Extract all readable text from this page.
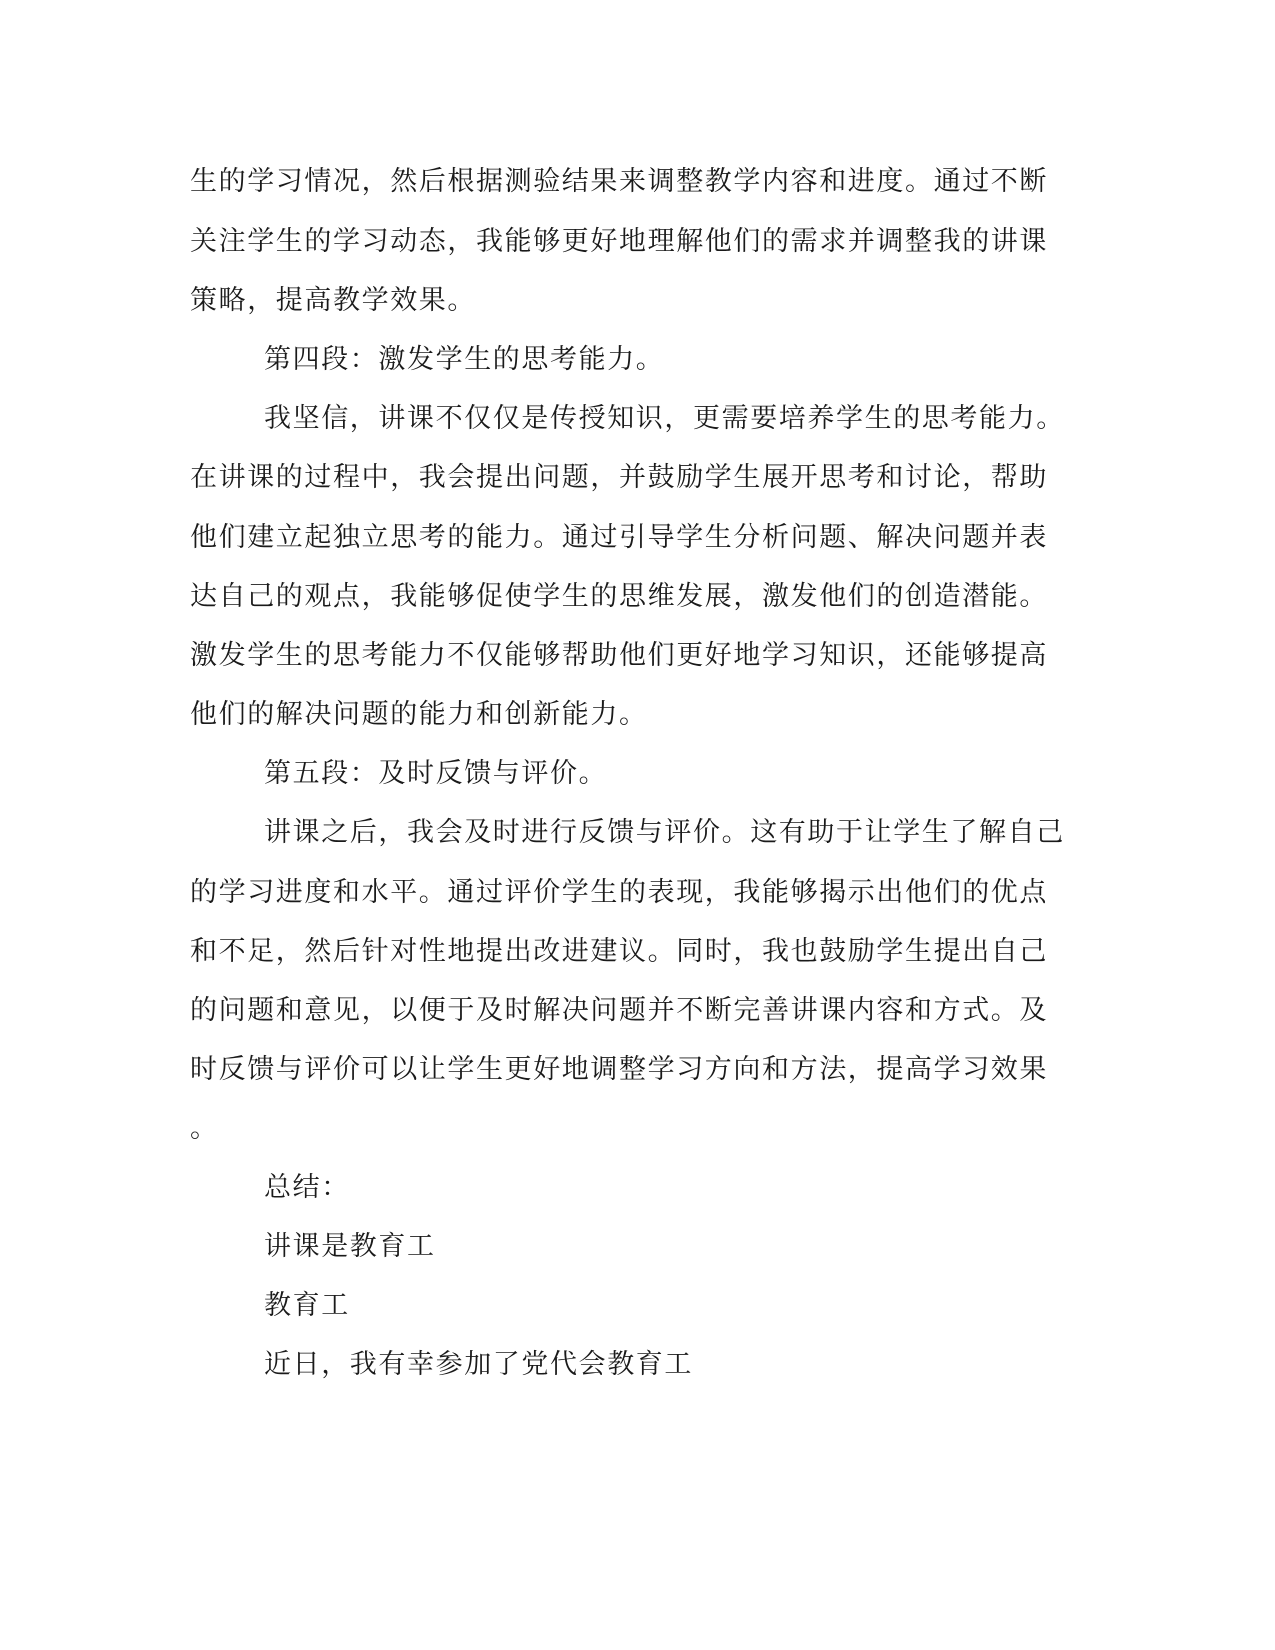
生的学习情况，然后根据测验结果来调整教学内容和进度。通过不断
关注学生的学习动态，我能够更好地理解他们的需求并调整我的讲课
策略，提高教学效果。
第四段：激发学生的思考能力。
我坚信，讲课不仅仅是传授知识，更需要培养学生的思考能力。
在讲课的过程中，我会提出问题，并鼓励学生展开思考和讨论，帮助
他们建立起独立思考的能力。通过引导学生分析问题、解决问题并表
达自己的观点，我能够促使学生的思维发展，激发他们的创造潜能。
激发学生的思考能力不仅能够帮助他们更好地学习知识，还能够提高
他们的解决问题的能力和创新能力。
第五段：及时反馈与评价。
讲课之后，我会及时进行反馈与评价。这有助于让学生了解自己
的学习进度和水平。通过评价学生的表现，我能够揭示出他们的优点
和不足，然后针对性地提出改进建议。同时，我也鼓励学生提出自己
的问题和意见，以便于及时解决问题并不断完善讲课内容和方式。及
时反馈与评价可以让学生更好地调整学习方向和方法，提高学习效果
。
总结：
讲课是教育工
教育工
近日，我有幸参加了党代会教育工
